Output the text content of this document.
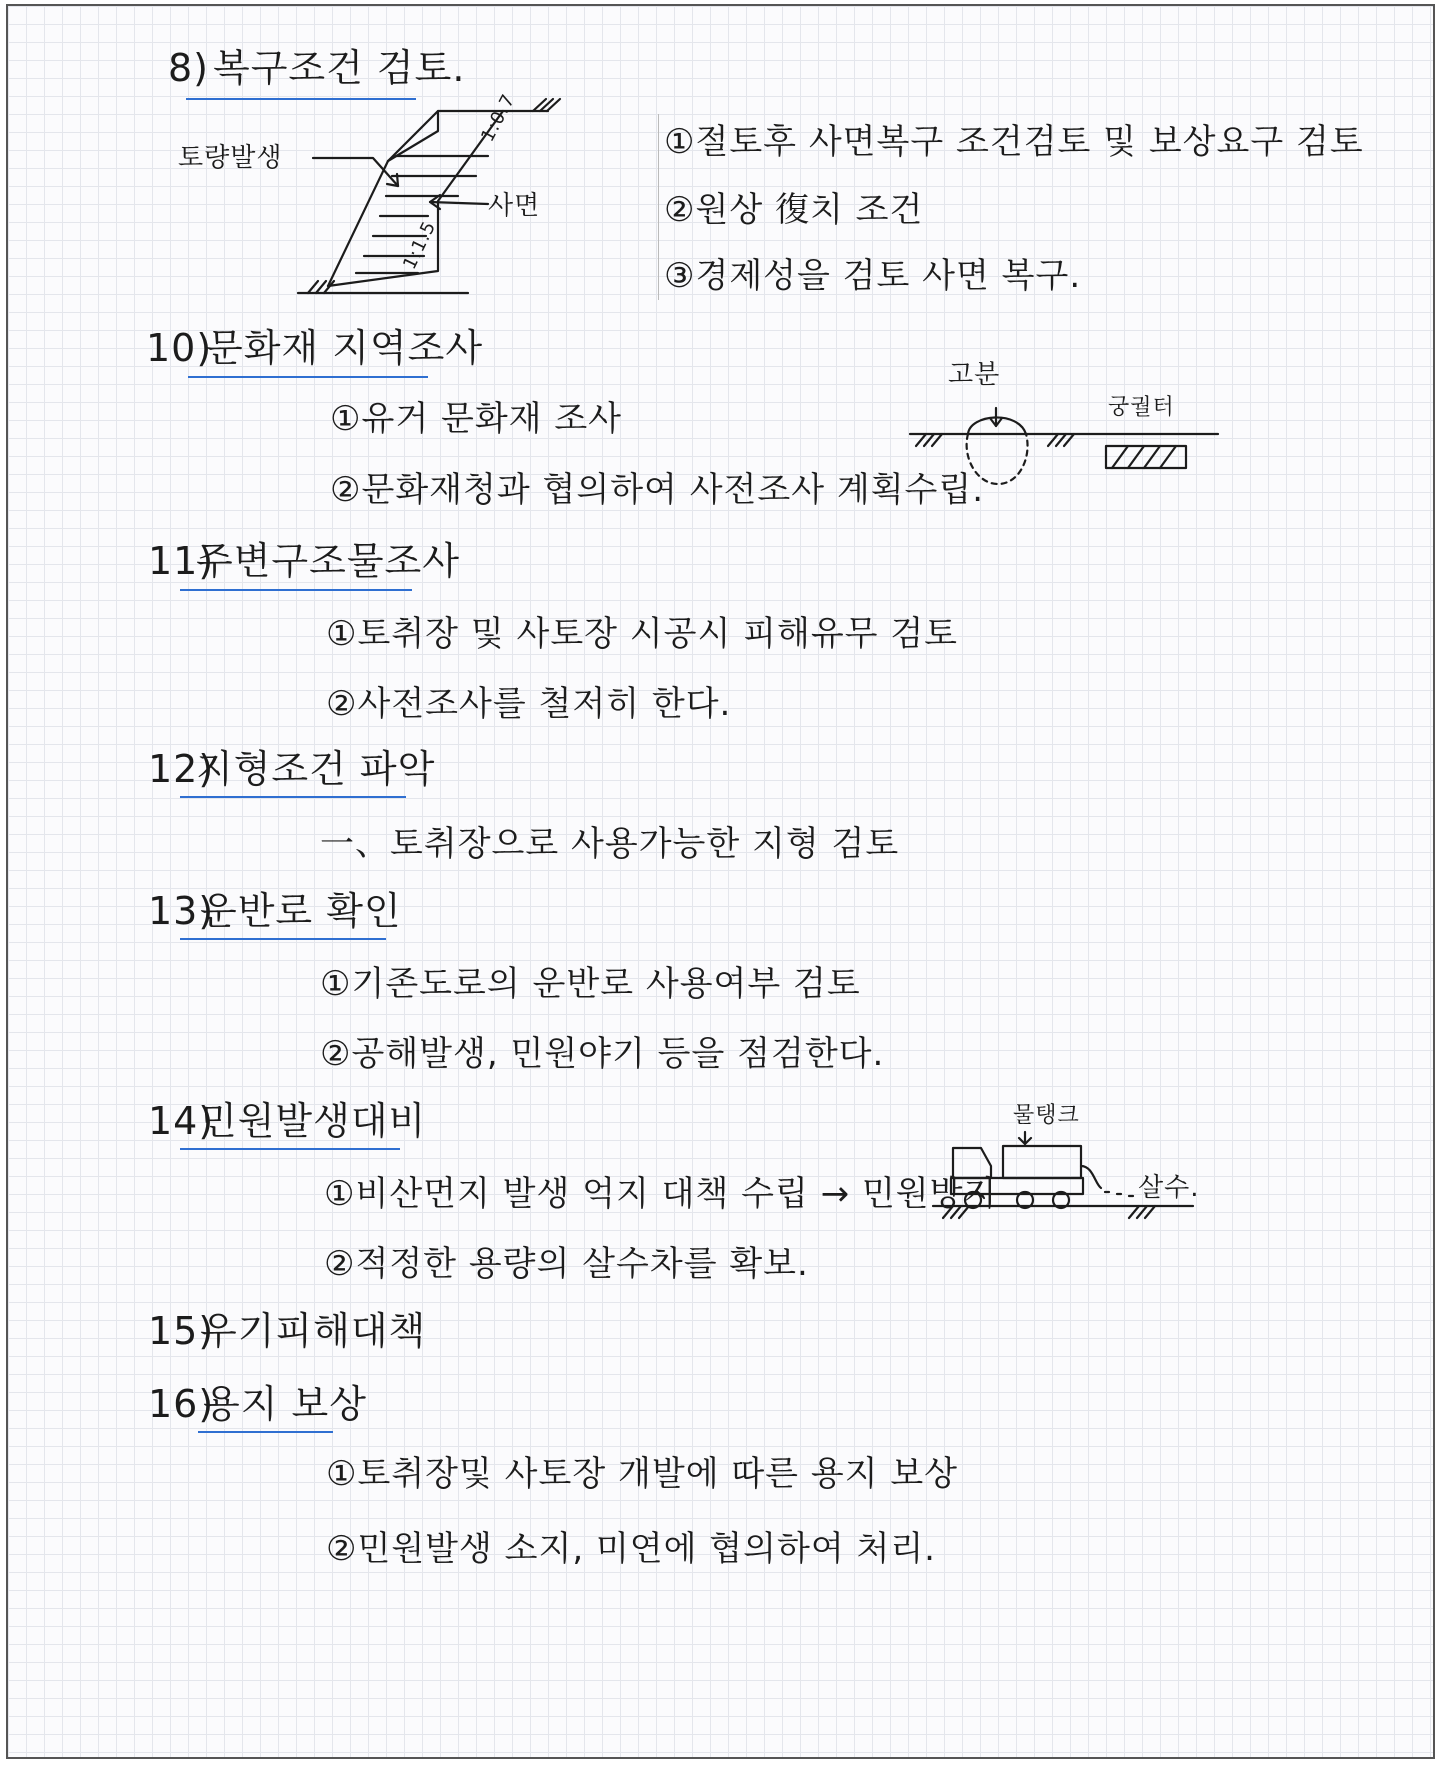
8) 복구조건 검토.
토량발생
사면
1:0.7
1:1.5
①절토후 사면복구 조건검토 및 보상요구 검토
②원상 復치 조건
③경제성을 검토 사면 복구.
10)
문화재 지역조사
①유거 문화재 조사
②문화재청과 협의하여 사전조사 계획수립.
고분
궁궐터
11)
주변구조물조사
①토취장 및 사토장 시공시 피해유무 검토
②사전조사를 철저히 한다.
12)
지형조건 파악
一、토취장으로 사용가능한 지형 검토
13)
운반로 확인
①기존도로의 운반로 사용여부 검토
②공해발생, 민원야기 등을 점검한다.
14)
민원발생대비
①비산먼지 발생 억지 대책 수립 → 민원방지
②적정한 용량의 살수차를 확보.
물탱크
살수.
15)
우기피해대책
16)
용지 보상
①토취장및 사토장 개발에 따른 용지 보상
②민원발생 소지, 미연에 협의하여 처리.
